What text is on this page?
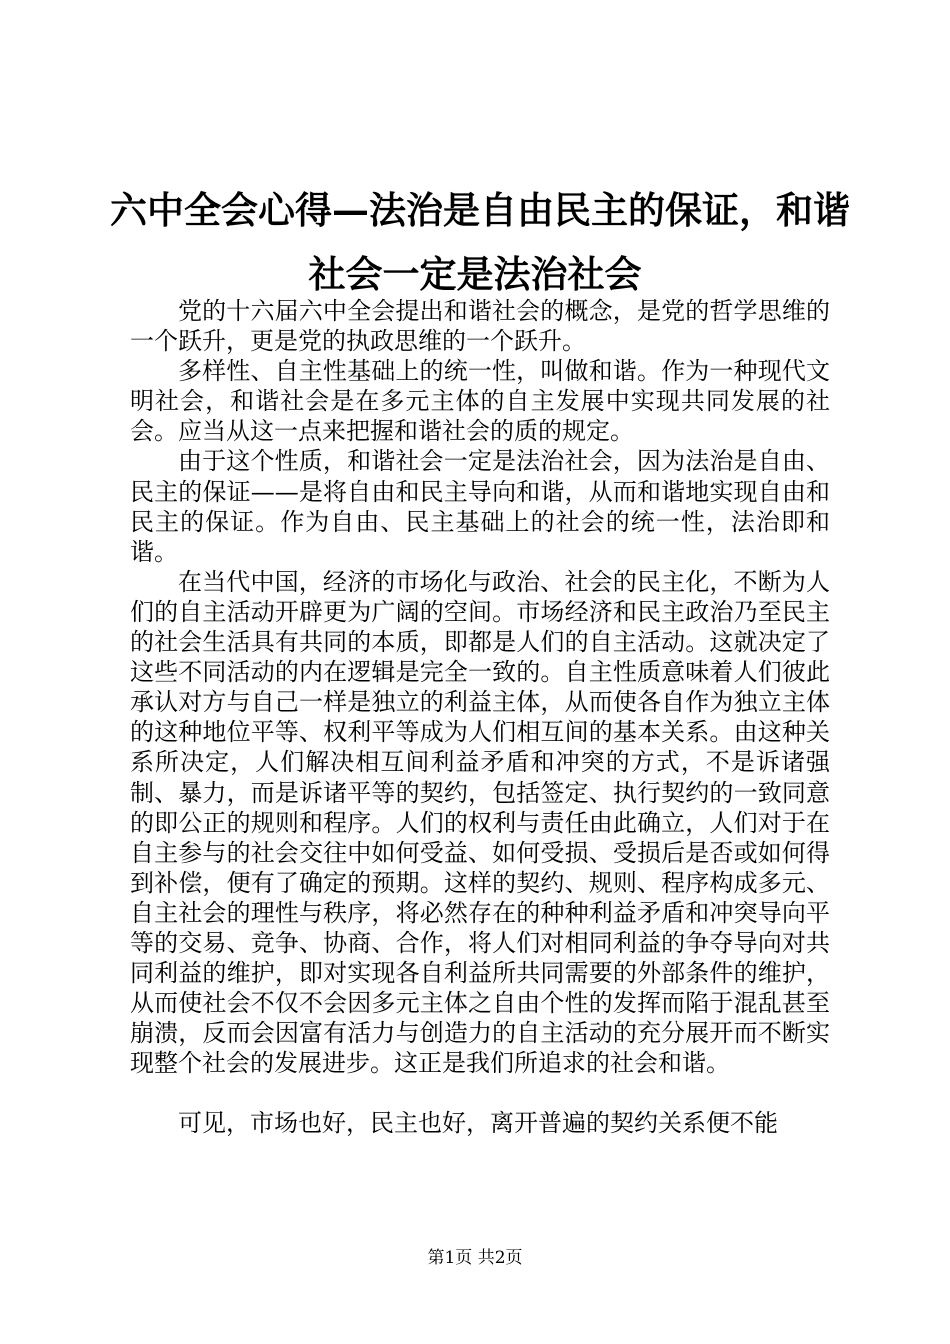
六中全会心得—法治是自由民主的保证，和谐
社会一定是法治社会

党的十六届六中全会提出和谐社会的概念，是党的哲学思维的一个跃升，更是党的执政思维的一个跃升。

多样性、自主性基础上的统一性，叫做和谐。作为一种现代文明社会，和谐社会是在多元主体的自主发展中实现共同发展的社会。应当从这一点来把握和谐社会的质的规定。

由于这个性质，和谐社会一定是法治社会，因为法治是自由、民主的保证——是将自由和民主导向和谐，从而和谐地实现自由和民主的保证。作为自由、民主基础上的社会的统一性，法治即和谐。

在当代中国，经济的市场化与政治、社会的民主化，不断为人们的自主活动开辟更为广阔的空间。市场经济和民主政治乃至民主的社会生活具有共同的本质，即都是人们的自主活动。这就决定了这些不同活动的内在逻辑是完全一致的。自主性质意味着人们彼此承认对方与自己一样是独立的利益主体，从而使各自作为独立主体的这种地位平等、权利平等成为人们相互间的基本关系。由这种关系所决定，人们解决相互间利益矛盾和冲突的方式，不是诉诸强制、暴力，而是诉诸平等的契约，包括签定、执行契约的一致同意的即公正的规则和程序。人们的权利与责任由此确立，人们对于在自主参与的社会交往中如何受益、如何受损、受损后是否或如何得到补偿，便有了确定的预期。这样的契约、规则、程序构成多元、自主社会的理性与秩序，将必然存在的种种利益矛盾和冲突导向平等的交易、竞争、协商、合作，将人们对相同利益的争夺导向对共同利益的维护，即对实现各自利益所共同需要的外部条件的维护，从而使社会不仅不会因多元主体之自由个性的发挥而陷于混乱甚至崩溃，反而会因富有活力与创造力的自主活动的充分展开而不断实现整个社会的发展进步。这正是我们所追求的社会和谐。

可见，市场也好，民主也好，离开普遍的契约关系便不能

第1页 共2页
